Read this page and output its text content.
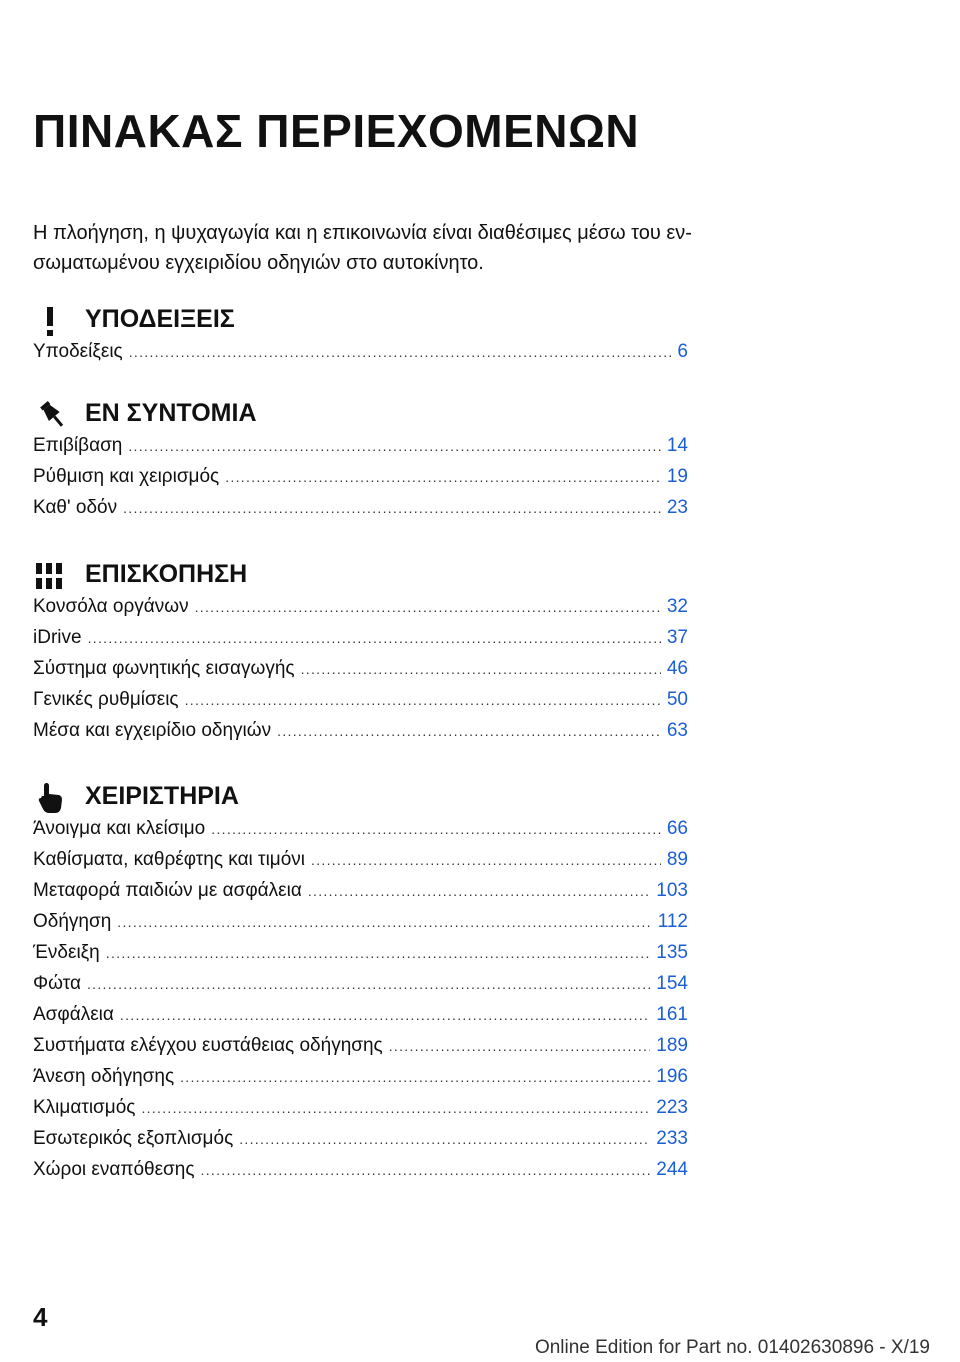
ΠΙΝΑΚΑΣ ΠΕΡΙΕΧΟΜΕΝΩΝ

Η πλοήγηση, η ψυχαγωγία και η επικοινωνία είναι διαθέσιμες μέσω του εν-σωματωμένου εγχειριδίου οδηγιών στο αυτοκίνητο.

ΥΠΟΔΕΙΞΕΙΣ
Υποδείξεις .....	6
ΕΝ ΣΥΝΤΟΜΙΑ
Επιβίβαση .....	14
Ρύθμιση και χειρισμός .....	19
Καθ' οδόν .....	23
ΕΠΙΣΚΟΠΗΣΗ
Κονσόλα οργάνων .....	32
iDrive .....	37
Σύστημα φωνητικής εισαγωγής .....	46
Γενικές ρυθμίσεις .....	50
Μέσα και εγχειρίδιο οδηγιών .....	63
ΧΕΙΡΙΣΤΗΡΙΑ
Άνοιγμα και κλείσιμο .....	66
Καθίσματα, καθρέφτης και τιμόνι .....	89
Μεταφορά παιδιών με ασφάλεια .....	103
Οδήγηση .....	112
Ένδειξη .....	135
Φώτα .....	154
Ασφάλεια .....	161
Συστήματα ελέγχου ευστάθειας οδήγησης .....	189
Άνεση οδήγησης .....	196
Κλιματισμός .....	223
Εσωτερικός εξοπλισμός .....	233
Χώροι εναπόθεσης .....	244
4
Online Edition for Part no. 01402630896 - X/19
